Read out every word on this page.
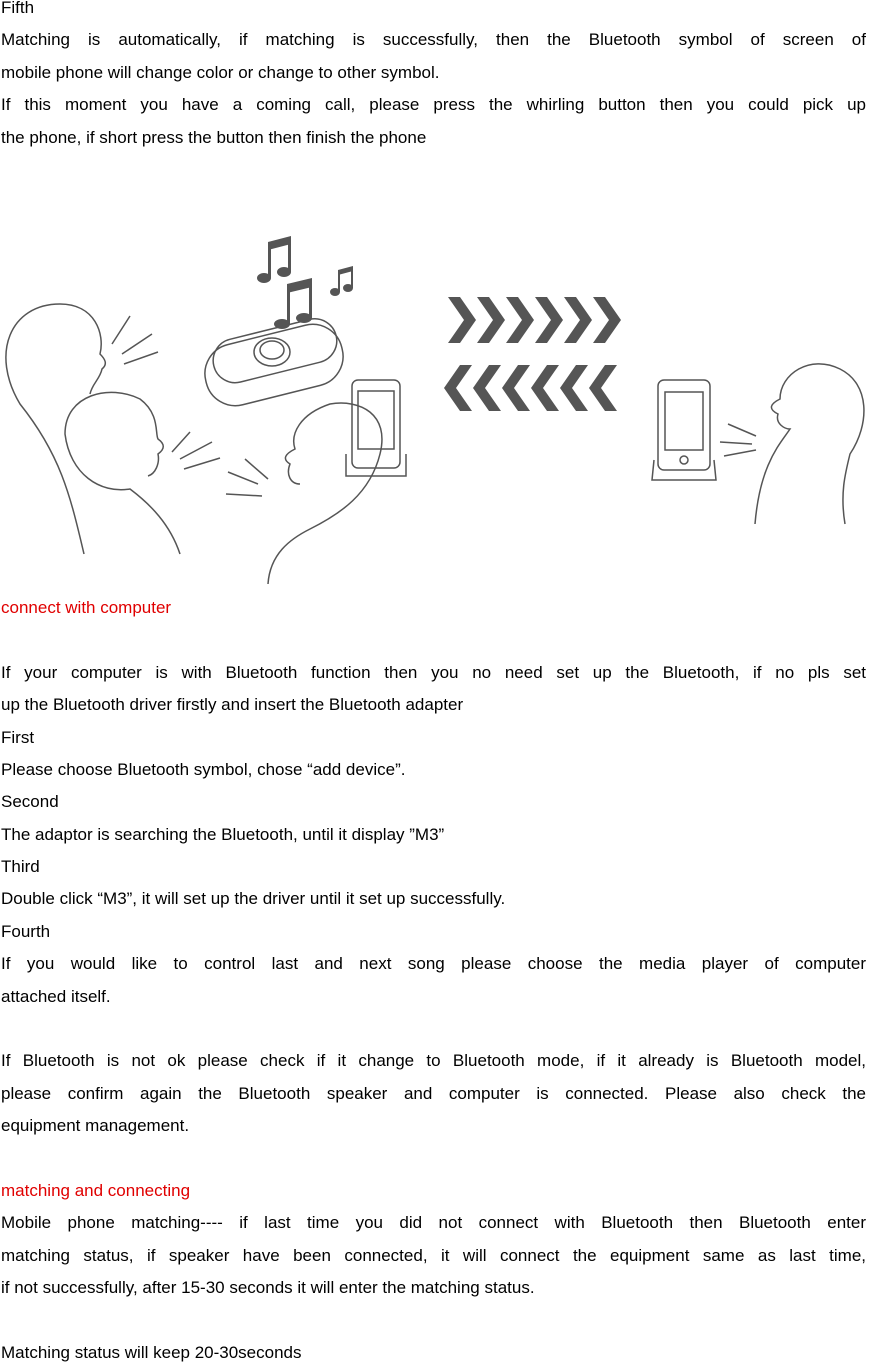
Fifth
Matching is automatically, if matching is successfully, then the Bluetooth symbol of screen of
mobile phone will change color or change to other symbol.
If this moment you have a coming call, please press the whirling button then you could pick up
the phone, if short press the button then finish the phone
connect with computer
If your computer is with Bluetooth function then you no need set up the Bluetooth, if no pls set
up the Bluetooth driver firstly and insert the Bluetooth adapter
First
Please choose Bluetooth symbol, chose “add device”.
Second
The adaptor is searching the Bluetooth, until it display ”M3”
Third
Double click “M3”, it will set up the driver until it set up successfully.
Fourth
If you would like to control last and next song please choose the media player of computer
attached itself.
If Bluetooth is not ok please check if it change to Bluetooth mode, if it already is Bluetooth model,
please confirm again the Bluetooth speaker and computer is connected. Please also check the
equipment management.
matching and connecting
Mobile phone matching---- if last time you did not connect with Bluetooth then Bluetooth enter
matching status, if speaker have been connected, it will connect the equipment same as last time,
if not successfully, after 15-30 seconds it will enter the matching status.
Matching status will keep 20-30seconds
